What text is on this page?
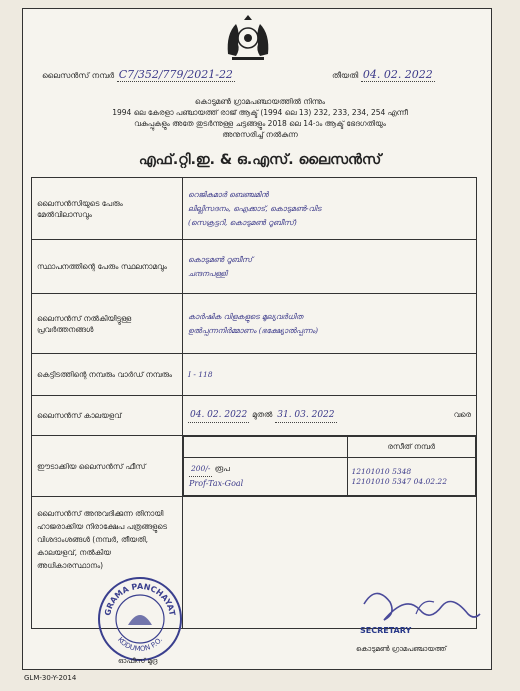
ലൈസൻസ് നമ്പർ C7/352/779/2021-22	തീയതി 04. 02. 2022
കൊടുമൺ ഗ്രാമപഞ്ചായത്തിൽ നിന്നും
1994 ലെ കേരളാ പഞ്ചായത്ത് രാജ് ആക്ട് (1994 ലെ 13) 232, 233, 234, 254 എന്നീ
വകുപ്പുകളും അതേ തുടർന്നുള്ള ചട്ടങ്ങളും 2018 ലെ 14-ാം ആക്ട് ഭേദഗതിയും
അനുസരിച്ച് നൽകുന്ന
എഫ്.റ്റി.ഇ. & ഒ.എസ്. ലൈസൻസ്
ലൈസൻസിയുടെ പേരും മേൽവിലാസവും	
റെജികുമാർ ബെഞ്ചമിൻ
ലില്ലിസദനം, ഐക്കാട്, കൊടുമൺ-വിട
(സെക്രട്ടറി, കൊടുമൺ റൂബീസ്)

സ്ഥാപനത്തിന്റെ പേരും സ്ഥലനാമവും	
കൊടുമൺ റൂബീസ്
ചന്ദനപള്ളി

ലൈസൻസ് നൽകിയിട്ടുള്ള പ്രവർത്തനങ്ങൾ	
കാർഷിക വിളകളുടെ മൂല്യവർധിത
ഉൽപ്പന്നനിർമ്മാണം (ഭക്ഷ്യോൽപ്പന്നം)

കെട്ടിടത്തിന്റെ നമ്പരും വാർഡ് നമ്പരും	I - 118
ലൈസൻസ് കാലയളവ്	04. 02. 2022 മുതൽ 31. 03. 2022	വരെ

ഈടാക്കിയ ലൈസൻസ് ഫീസ്	
	രസീത് നമ്പർ
200/- രൂപ
Prof-Tax-Goal

12101010 5348
12101010 5347 04.02.22

ലൈസൻസ് അനുവദിക്കുന്ന തിനായി ഹാജരാക്കിയ നിരാക്ഷേപ പത്രങ്ങളുടെ വിശദാംശങ്ങൾ (നമ്പർ, തീയതി, കാലയളവ്, നൽകിയ അധികാരസ്ഥാനം)	
GRAMA PANCHAYAT
KODUMON P.O.
ഓഫീസ് മുദ്ര
SECRETARY
കൊടുമൺ ഗ്രാമപഞ്ചായത്ത്
GLM-30-Y-2014
